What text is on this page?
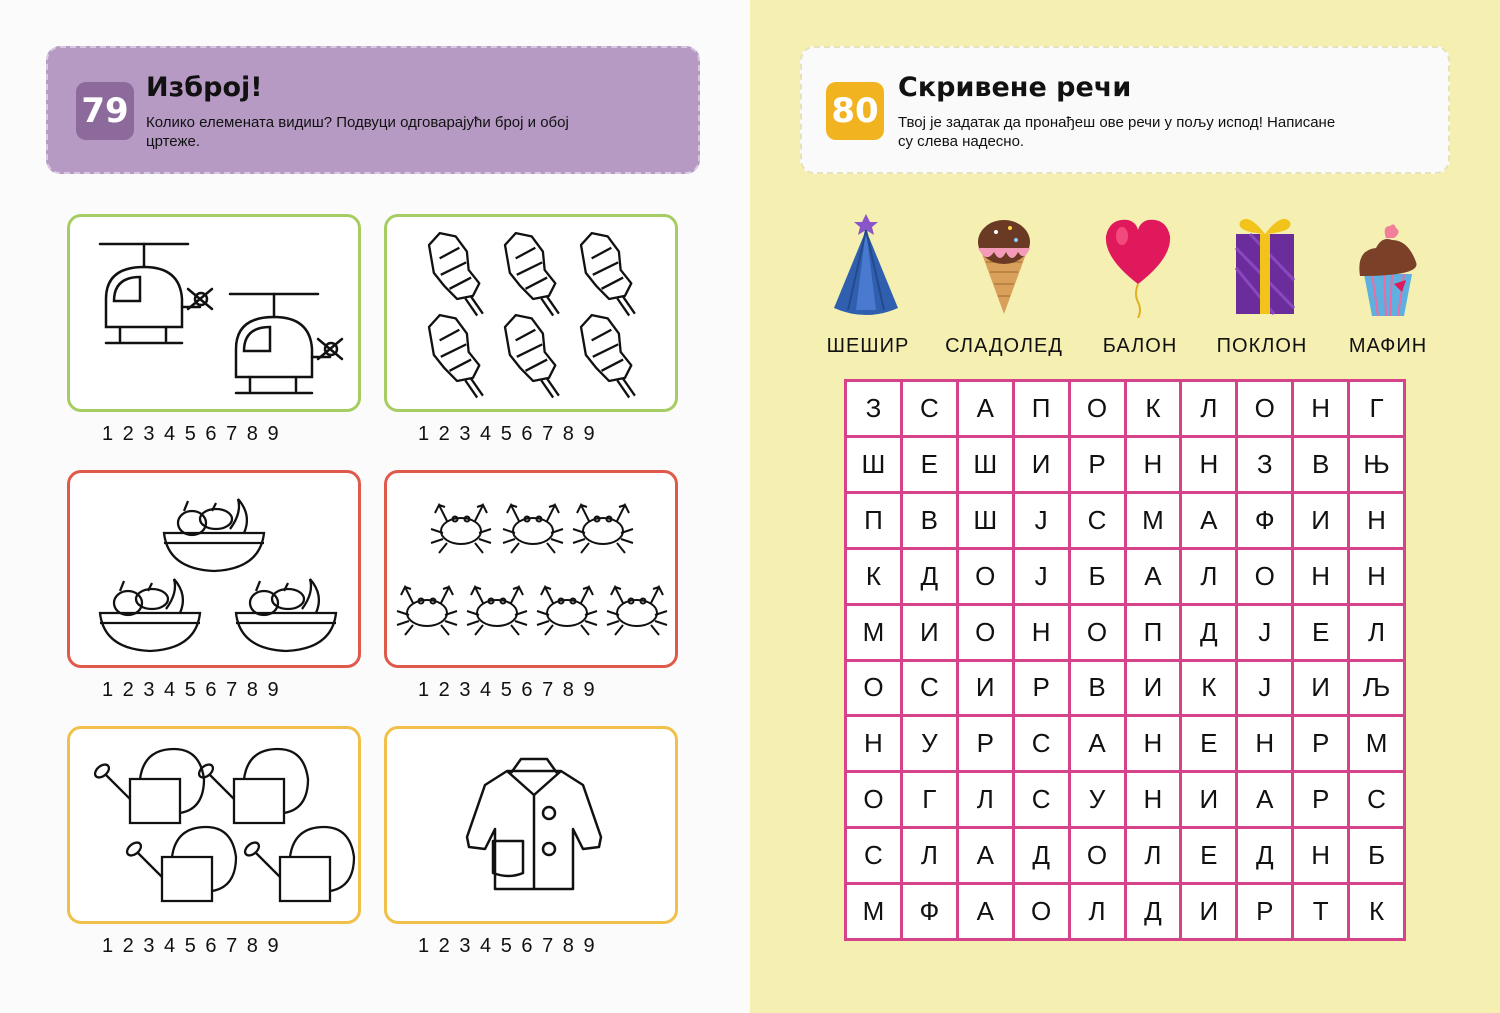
79
Изброј!
Колико елемената видиш? Подвуци одговарајући број и обој цртеже.
1 2 3 4 5 6 7 8 9	1 2 3 4 5 6 7 8 9
1 2 3 4 5 6 7 8 9	1 2 3 4 5 6 7 8 9
1 2 3 4 5 6 7 8 9	1 2 3 4 5 6 7 8 9
80
Скривене речи
Твој је задатак да пронађеш ове речи у пољу испод! Написане су слева надесно.
ШЕШИР	СЛАДОЛЕД	БАЛОН	ПОКЛОН	МАФИН
З	С	А	П	О	К	Л	О	Н	Г
Ш	Е	Ш	И	Р	Н	Н	З	В	Њ
П	В	Ш	Ј	С	М	А	Ф	И	Н
К	Д	О	Ј	Б	А	Л	О	Н	Н
М	И	О	Н	О	П	Д	Ј	Е	Л
О	С	И	Р	В	И	К	Ј	И	Љ
Н	У	Р	С	А	Н	Е	Н	Р	М
О	Г	Л	С	У	Н	И	А	Р	С
С	Л	А	Д	О	Л	Е	Д	Н	Б
М	Ф	А	О	Л	Д	И	Р	Т	К
